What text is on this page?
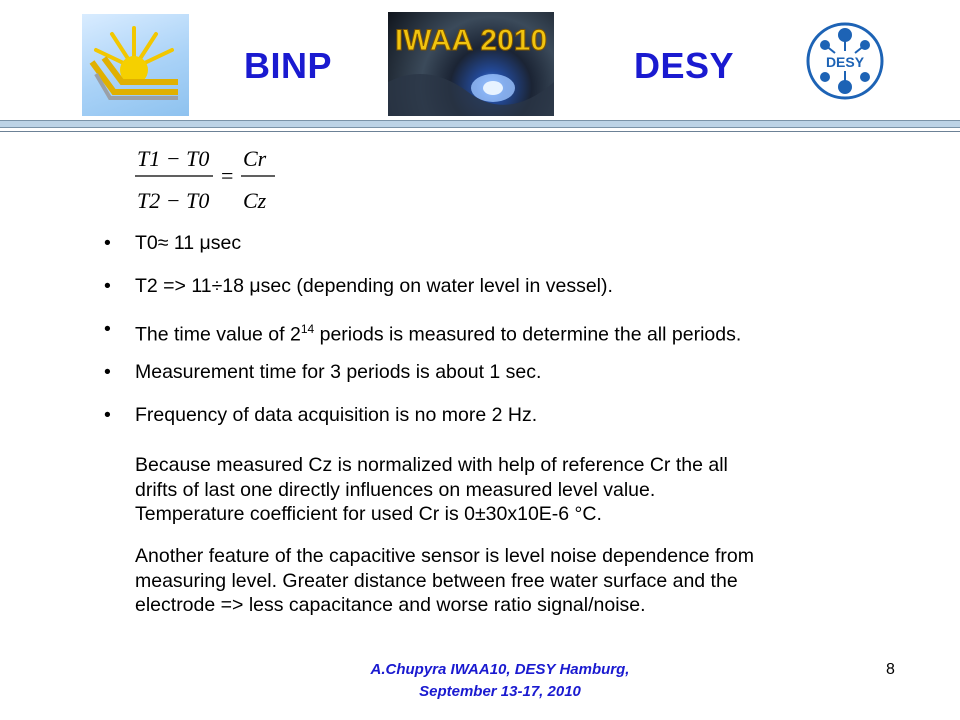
BINP
IWAA 2010
DESY	DESY
T1 − T0
T2 − T0
=
Cr
Cz
• T0≈ 11 μsec
• T2 => 11÷18 μsec (depending on water level in vessel).
• The time value of $2^{14}$ periods is measured to determine the all periods.
• Measurement time for 3 periods is about 1 sec.
• Frequency of data acquisition is no more 2 Hz.
Because measured Cz is normalized with help of reference Cr the all
drifts of last one directly influences on measured level value.
Temperature coefficient for used Cr is 0±30x10E-6 °C.
Another feature of the capacitive sensor is level noise dependence from
measuring level. Greater distance between free water surface and the
electrode => less capacitance and worse ratio signal/noise.
A.Chupyra IWAA10, DESY Hamburg,
September 13-17, 2010
8
